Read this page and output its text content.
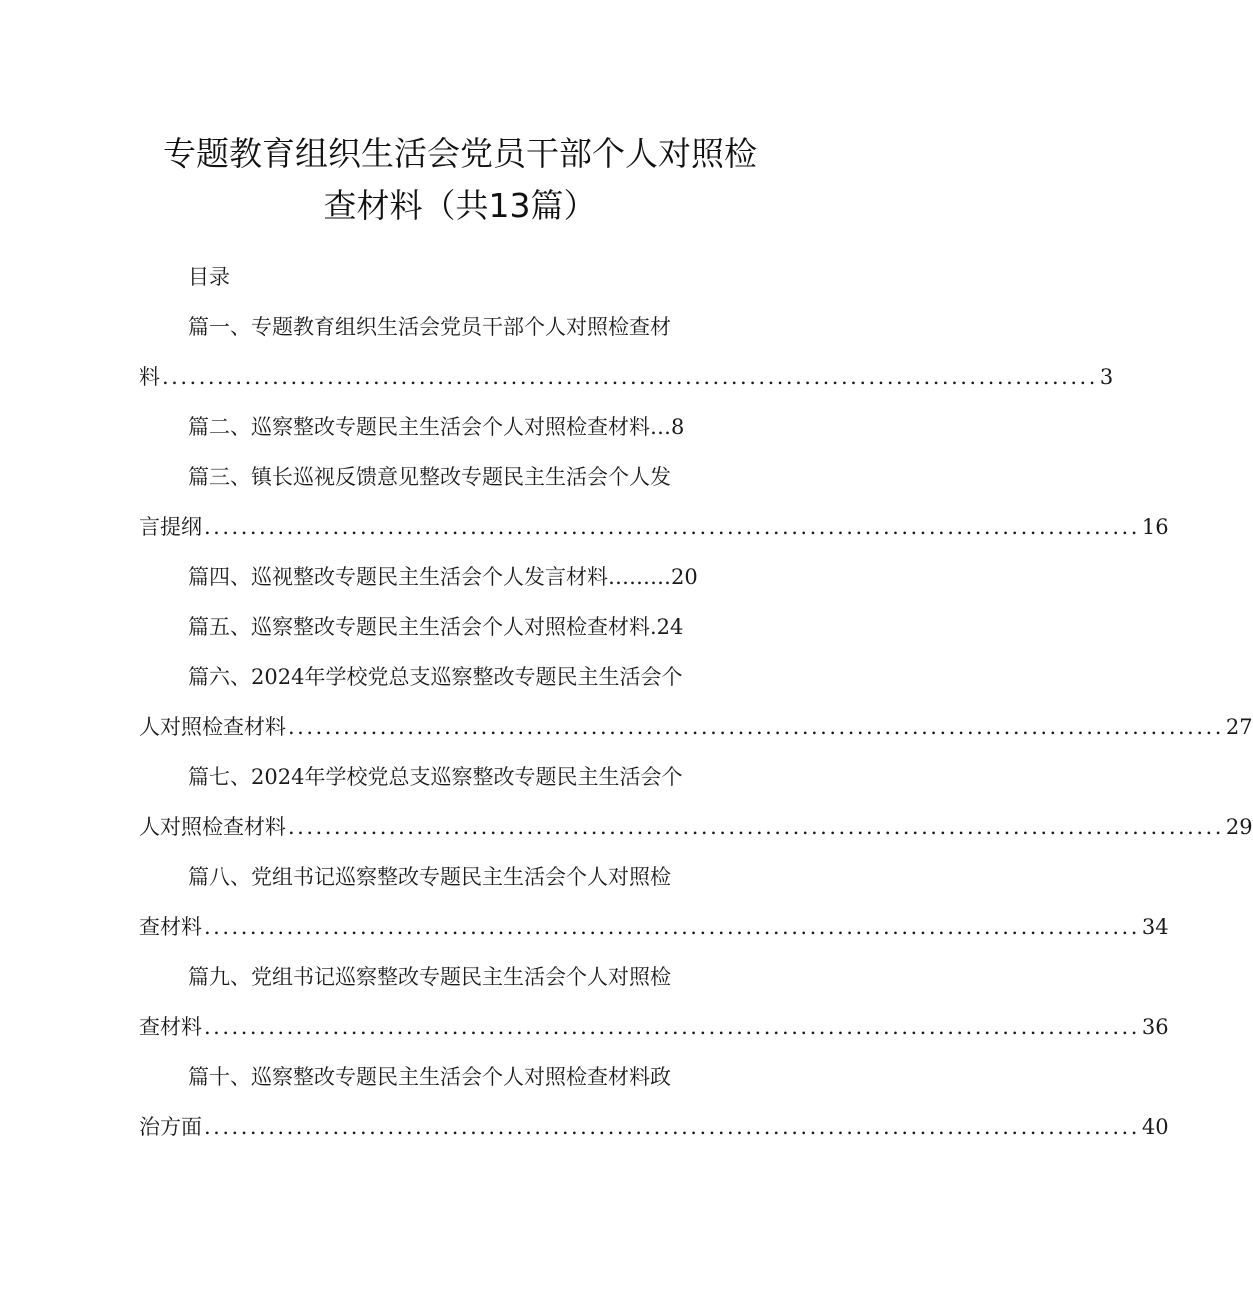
专题教育组织生活会党员干部个人对照检
查材料（共13篇）
目录
篇一、专题教育组织生活会党员干部个人对照检查材
料 ...................................................................................................... 3
篇二、巡察整改专题民主生活会个人对照检查材料…8
篇三、镇长巡视反馈意见整改专题民主生活会个人发
言提纲 ...................................................................................................... 16
篇四、巡视整改专题民主生活会个人发言材料………20
篇五、巡察整改专题民主生活会个人对照检查材料.24
篇六、2024年学校党总支巡察整改专题民主生活会个
人对照检查材料 ...................................................................................................... 27
篇七、2024年学校党总支巡察整改专题民主生活会个
人对照检查材料 ...................................................................................................... 29
篇八、党组书记巡察整改专题民主生活会个人对照检
查材料 ...................................................................................................... 34
篇九、党组书记巡察整改专题民主生活会个人对照检
查材料 ...................................................................................................... 36
篇十、巡察整改专题民主生活会个人对照检查材料政
治方面 ...................................................................................................... 40
